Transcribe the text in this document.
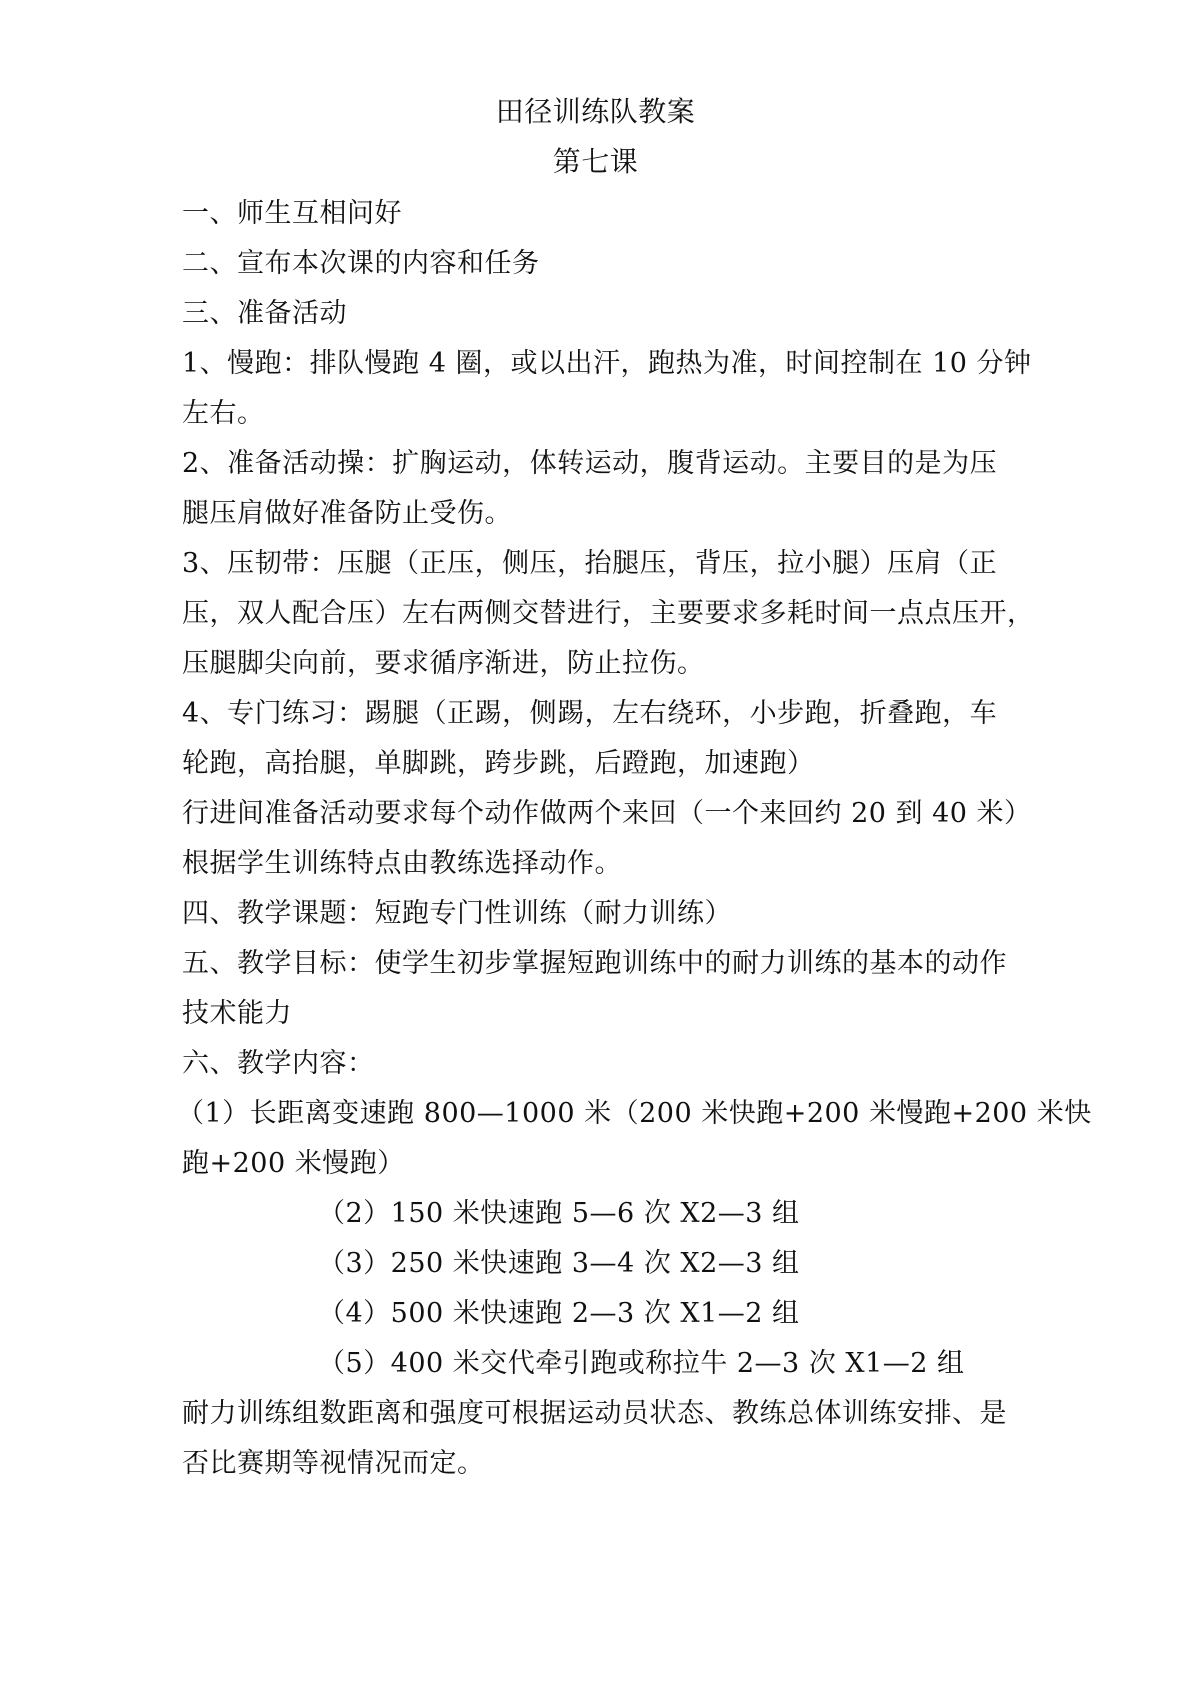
田径训练队教案
第七课
一、师生互相问好
二、宣布本次课的内容和任务
三、准备活动
1、慢跑：排队慢跑 4 圈，或以出汗，跑热为准，时间控制在 10 分钟
左右。
2、准备活动操：扩胸运动，体转运动，腹背运动。主要目的是为压
腿压肩做好准备防止受伤。
3、压韧带：压腿（正压，侧压，抬腿压，背压，拉小腿）压肩（正
压，双人配合压）左右两侧交替进行，主要要求多耗时间一点点压开，
压腿脚尖向前，要求循序渐进，防止拉伤。
4、专门练习：踢腿（正踢，侧踢，左右绕环，小步跑，折叠跑，车
轮跑，高抬腿，单脚跳，跨步跳，后蹬跑，加速跑）
行进间准备活动要求每个动作做两个来回（一个来回约 20 到 40 米）
根据学生训练特点由教练选择动作。
四、教学课题：短跑专门性训练（耐力训练）
五、教学目标：使学生初步掌握短跑训练中的耐力训练的基本的动作
技术能力
六、教学内容：
（1）长距离变速跑 800—1000 米（200 米快跑+200 米慢跑+200 米快
跑+200 米慢跑）
（2）150 米快速跑 5—6 次 X2—3 组
（3）250 米快速跑 3—4 次 X2—3 组
（4）500 米快速跑 2—3 次 X1—2 组
（5）400 米交代牵引跑或称拉牛 2—3 次 X1—2 组
耐力训练组数距离和强度可根据运动员状态、教练总体训练安排、是
否比赛期等视情况而定。
